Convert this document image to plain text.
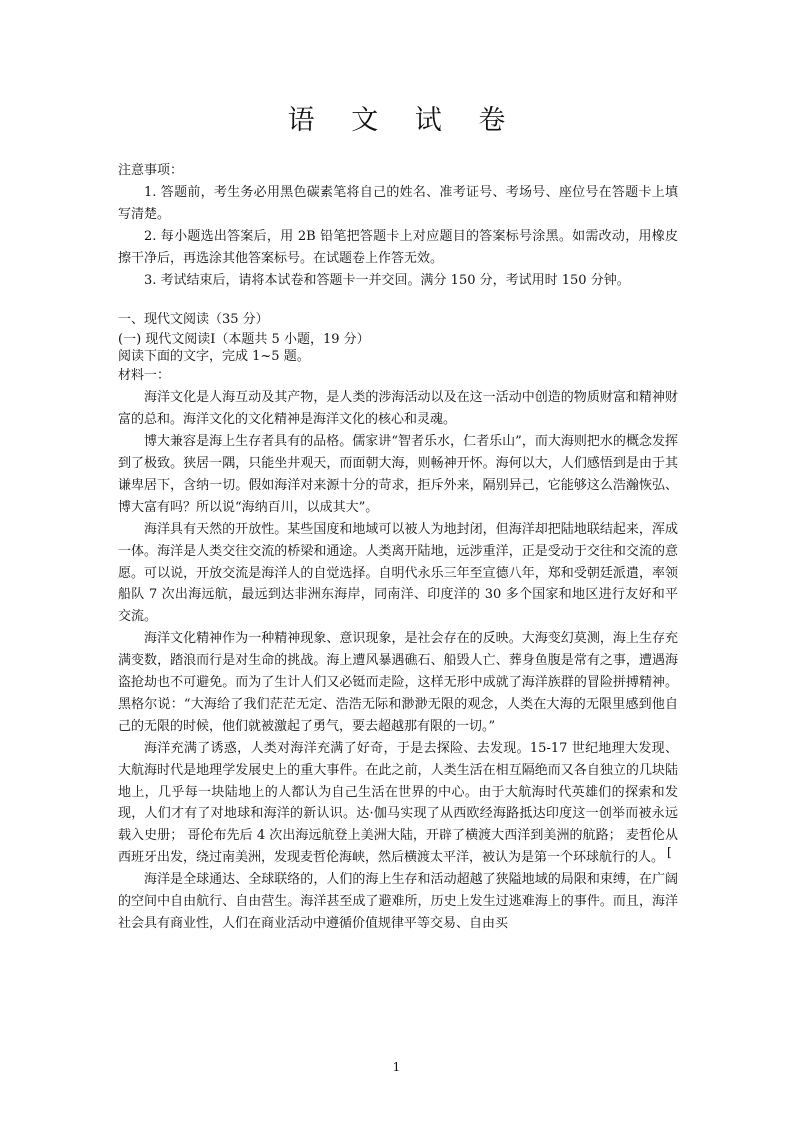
语 文 试 卷

注意事项：

1. 答题前，考生务必用黑色碳素笔将自己的姓名、准考证号、考场号、座位号在答题卡上填写清楚。

2. 每小题选出答案后，用 2B 铅笔把答题卡上对应题目的答案标号涂黑。如需改动，用橡皮擦干净后，再选涂其他答案标号。在试题卷上作答无效。

3. 考试结束后，请将本试卷和答题卡一并交回。满分 150 分，考试用时 150 分钟。

一、现代文阅读（35 分）

(一) 现代文阅读Ⅰ（本题共 5 小题，19 分）

阅读下面的文字，完成 1~5 题。

材料一：

海洋文化是人海互动及其产物，是人类的涉海活动以及在这一活动中创造的物质财富和精神财富的总和。海洋文化的文化精神是海洋文化的核心和灵魂。

博大兼容是海上生存者具有的品格。儒家讲“智者乐水，仁者乐山”，而大海则把水的概念发挥到了极致。狭居一隅，只能坐井观天，而面朝大海，则畅神开怀。海何以大，人们感悟到是由于其谦卑居下，含纳一切。假如海洋对来源十分的苛求，拒斥外来，隔别异己，它能够这么浩瀚恢弘、博大富有吗？所以说“海纳百川，以成其大”。

海洋具有天然的开放性。某些国度和地域可以被人为地封闭，但海洋却把陆地联结起来，浑成一体。海洋是人类交往交流的桥梁和通途。人类离开陆地，远涉重洋，正是受动于交往和交流的意愿。可以说，开放交流是海洋人的自觉选择。自明代永乐三年至宣德八年，郑和受朝廷派遣，率领船队 7 次出海远航，最远到达非洲东海岸，同南洋、印度洋的 30 多个国家和地区进行友好和平交流。

海洋文化精神作为一种精神现象、意识现象，是社会存在的反映。大海变幻莫测，海上生存充满变数，踏浪而行是对生命的挑战。海上遭风暴遇礁石、船毁人亡、葬身鱼腹是常有之事，遭遇海盗抢劫也不可避免。而为了生计人们又必铤而走险，这样无形中成就了海洋族群的冒险拼搏精神。黑格尔说：“大海给了我们茫茫无定、浩浩无际和渺渺无限的观念，人类在大海的无限里感到他自己的无限的时候，他们就被激起了勇气，要去超越那有限的一切。”

海洋充满了诱惑，人类对海洋充满了好奇，于是去探险、去发现。15-17 世纪地理大发现、大航海时代是地理学发展史上的重大事件。在此之前，人类生活在相互隔绝而又各自独立的几块陆地上，几乎每一块陆地上的人都认为自己生活在世界的中心。由于大航海时代英雄们的探索和发现，人们才有了对地球和海洋的新认识。达·伽马实现了从西欧经海路抵达印度这一创举而被永远载入史册； 哥伦布先后 4 次出海远航登上美洲大陆，开辟了横渡大西洋到美洲的航路； 麦哲伦从西班牙出发，绕过南美洲，发现麦哲伦海峡，然后横渡太平洋，被认为是第一个环球航行的人。

海洋是全球通达、全球联络的，人们的海上生存和活动超越了狭隘地域的局限和束缚，在广阔的空间中自由航行、自由营生。海洋甚至成了避难所，历史上发生过逃难海上的事件。而且，海洋社会具有商业性，人们在商业活动中遵循价值规律平等交易、自由买

[
1
